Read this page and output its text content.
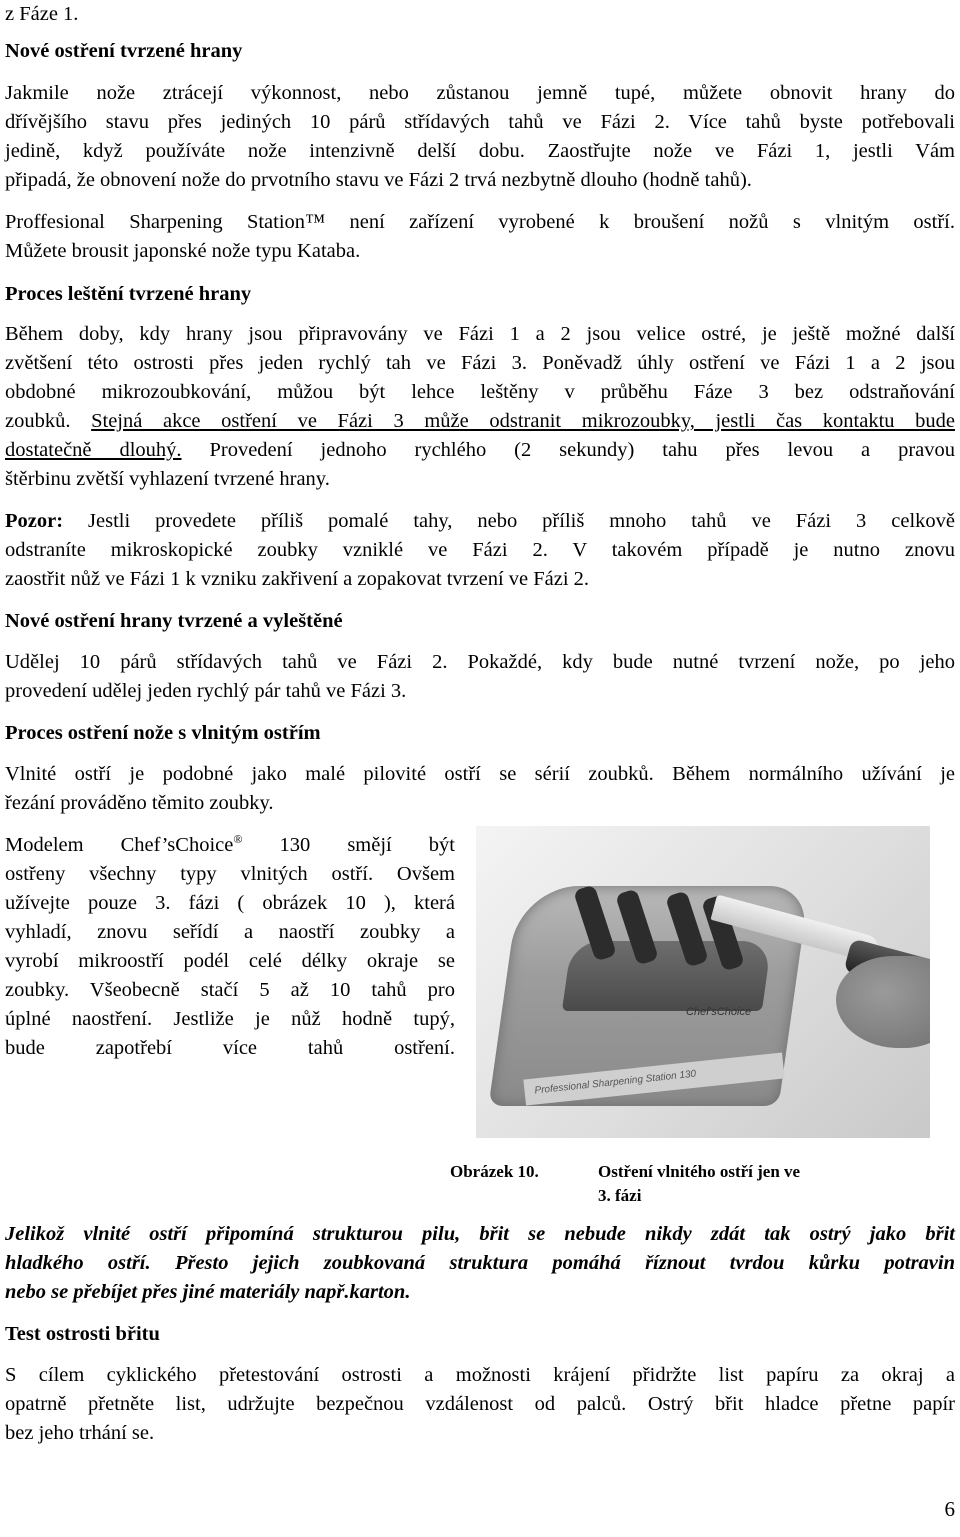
z Fáze 1.
Nové ostření tvrzené hrany
Jakmile nože ztrácejí výkonnost, nebo zůstanou jemně tupé, můžete obnovit hrany do
dřívějšího stavu přes jediných 10 párů střídavých tahů ve Fázi 2. Více tahů byste potřebovali
jedině, když používáte nože intenzivně delší dobu. Zaostřujte nože ve Fázi 1, jestli Vám
připadá, že obnovení nože do prvotního stavu ve Fázi 2 trvá nezbytně dlouho (hodně tahů).
Proffesional Sharpening Station™ není zařízení vyrobené k broušení nožů s vlnitým ostří.
Můžete brousit japonské nože typu Kataba.
Proces leštění tvrzené hrany
Během doby, kdy hrany jsou připravovány ve Fázi 1 a 2 jsou velice ostré, je ještě možné další
zvětšení této ostrosti přes jeden rychlý tah ve Fázi 3. Poněvadž úhly ostření ve Fázi 1 a 2 jsou
obdobné mikrozoubkování, můžou být lehce leštěny v průběhu Fáze 3 bez odstraňování
zoubků. Stejná akce ostření ve Fázi 3 může odstranit mikrozoubky, jestli čas kontaktu bude
dostatečně dlouhý. Provedení jednoho rychlého (2 sekundy) tahu přes levou a pravou
štěrbinu zvětší vyhlazení tvrzené hrany.
Pozor: Jestli provedete příliš pomalé tahy, nebo příliš mnoho tahů ve Fázi 3 celkově
odstraníte mikroskopické zoubky vzniklé ve Fázi 2. V takovém případě je nutno znovu
zaostřit nůž ve Fázi 1 k vzniku zakřivení a zopakovat tvrzení ve Fázi 2.
Nové ostření hrany tvrzené a vyleštěné
Udělej 10 párů střídavých tahů ve Fázi 2. Pokaždé, kdy bude nutné tvrzení nože, po jeho
provedení udělej jeden rychlý pár tahů ve Fázi 3.
Proces ostření nože s vlnitým ostřím
Vlnité ostří je podobné jako malé pilovité ostří se sérií zoubků. Během normálního užívání je
řezání prováděno těmito zoubky.
Modelem Chef’sChoice® 130 smějí být
ostřeny všechny typy vlnitých ostří. Ovšem
užívejte pouze 3. fázi ( obrázek 10 ), která
vyhladí, znovu seřídí a naostří zoubky a
vyrobí mikroostří podél celé délky okraje se
zoubky. Všeobecně stačí 5 až 10 tahů pro
úplné naostření. Jestliže je nůž hodně tupý,
bude zapotřebí více tahů ostření.
Obrázek 10.	Ostření vlnitého ostří jen ve
3. fázi
Jelikož vlnité ostří připomíná strukturou pilu, břit se nebude nikdy zdát tak ostrý jako břit
hladkého ostří. Přesto jejich zoubkovaná struktura pomáhá říznout tvrdou kůrku potravin
nebo se přebíjet přes jiné materiály např.karton.
Test ostrosti břitu
S cílem cyklického přetestování ostrosti a možnosti krájení přidržte list papíru za okraj a
opatrně přetněte list, udržujte bezpečnou vzdálenost od palců. Ostrý břit hladce přetne papír
bez jeho trhání se.
Chef'sChoice
Professional Sharpening Station 130
6
